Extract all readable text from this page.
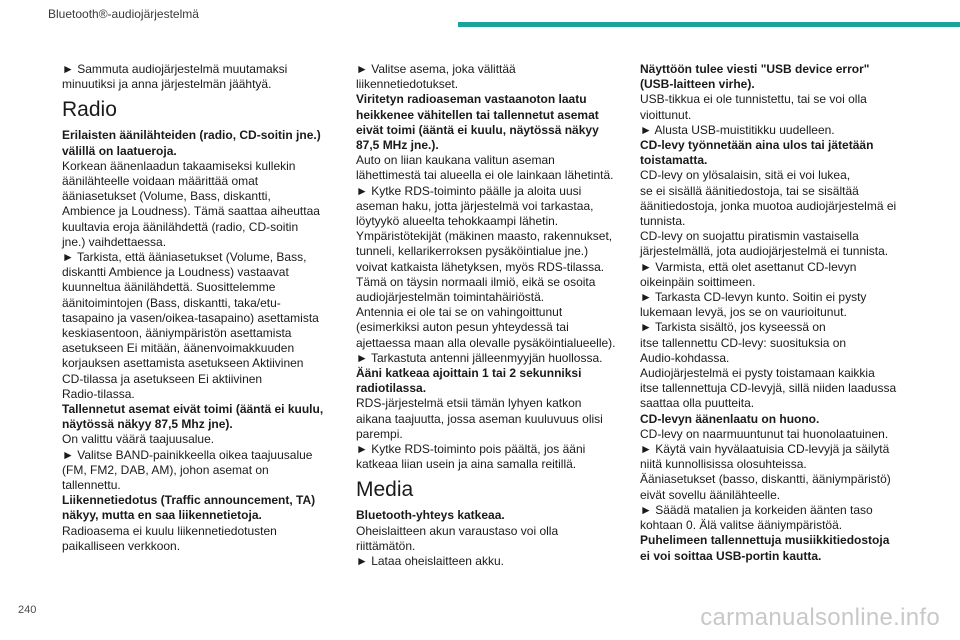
Bluetooth®-audiojärjestelmä

► Sammuta audiojärjestelmä muutamaksi
minuutiksi ja anna järjestelmän jäähtyä.

Radio

Erilaisten äänilähteiden (radio, CD-soitin jne.)
välillä on laatueroja.

Korkean äänenlaadun takaamiseksi kullekin
äänilähteelle voidaan määrittää omat
ääniasetukset (Volume, Bass, diskantti,
Ambience ja Loudness). Tämä saattaa aiheuttaa
kuultavia eroja äänilähdettä (radio, CD-soitin
jne.) vaihdettaessa.
► Tarkista, että ääniasetukset (Volume, Bass,
diskantti Ambience ja Loudness) vastaavat
kuunneltua äänilähdettä. Suosittelemme
äänitoimintojen (Bass, diskantti, taka/etu-
tasapaino ja vasen/oikea-tasapaino) asettamista
keskiasentoon, ääniympäristön asettamista
asetukseen Ei mitään, äänenvoimakkuuden
korjauksen asettamista asetukseen Aktiivinen
CD-tilassa ja asetukseen Ei aktiivinen
Radio-tilassa.

Tallennetut asemat eivät toimi (ääntä ei kuulu,
näytössä näkyy 87,5 Mhz jne).

On valittu väärä taajuusalue.
► Valitse BAND-painikkeella oikea taajuusalue
(FM, FM2, DAB, AM), johon asemat on
tallennettu.

Liikennetiedotus (Traffic announcement, TA)
näkyy, mutta en saa liikennetietoja.

Radioasema ei kuulu liikennetiedotusten
paikalliseen verkkoon.

► Valitse asema, joka välittää
liikennetiedotukset.

Viritetyn radioaseman vastaanoton laatu
heikkenee vähitellen tai tallennetut asemat
eivät toimi (ääntä ei kuulu, näytössä näkyy
87,5 MHz jne.).

Auto on liian kaukana valitun aseman
lähettimestä tai alueella ei ole lainkaan lähetintä.
► Kytke RDS-toiminto päälle ja aloita uusi
aseman haku, jotta järjestelmä voi tarkastaa,
löytyykö alueelta tehokkaampi lähetin.
Ympäristötekijät (mäkinen maasto, rakennukset,
tunneli, kellarikerroksen pysäköintialue jne.)
voivat katkaista lähetyksen, myös RDS-tilassa.
Tämä on täysin normaali ilmiö, eikä se osoita
audiojärjestelmän toimintahäiriöstä.
Antennia ei ole tai se on vahingoittunut
(esimerkiksi auton pesun yhteydessä tai
ajettaessa maan alla olevalle pysäköintialueelle).
► Tarkastuta antenni jälleenmyyjän huollossa.

Ääni katkeaa ajoittain 1 tai 2 sekunniksi
radiotilassa.

RDS-järjestelmä etsii tämän lyhyen katkon
aikana taajuutta, jossa aseman kuuluvuus olisi
parempi.
► Kytke RDS-toiminto pois päältä, jos ääni
katkeaa liian usein ja aina samalla reitillä.

Media

Bluetooth-yhteys katkeaa.

Oheislaitteen akun varaustaso voi olla
riittämätön.
► Lataa oheislaitteen akku.

Näyttöön tulee viesti "USB device error"
(USB-laitteen virhe).

USB-tikkua ei ole tunnistettu, tai se voi olla
vioittunut.
► Alusta USB-muistitikku uudelleen.

CD-levy työnnetään aina ulos tai jätetään
toistamatta.

CD-levy on ylösalaisin, sitä ei voi lukea,
se ei sisällä äänitiedostoja, tai se sisältää
äänitiedostoja, jonka muotoa audiojärjestelmä ei
tunnista.
CD-levy on suojattu piratismin vastaisella
järjestelmällä, jota audiojärjestelmä ei tunnista.
► Varmista, että olet asettanut CD-levyn
oikeinpäin soittimeen.
► Tarkasta CD-levyn kunto. Soitin ei pysty
lukemaan levyä, jos se on vaurioitunut.
► Tarkista sisältö, jos kyseessä on
itse tallennettu CD-levy: suosituksia on
Audio-kohdassa.
Audiojärjestelmä ei pysty toistamaan kaikkia
itse tallennettuja CD-levyjä, sillä niiden laadussa
saattaa olla puutteita.

CD-levyn äänenlaatu on huono.

CD-levy on naarmuuntunut tai huonolaatuinen.
► Käytä vain hyvälaatuisia CD-levyjä ja säilytä
niitä kunnollisissa olosuhteissa.
Ääniasetukset (basso, diskantti, ääniympäristö)
eivät sovellu äänilähteelle.
► Säädä matalien ja korkeiden äänten taso
kohtaan 0. Älä valitse ääniympäristöä.

Puhelimeen tallennettuja musiikkitiedostoja
ei voi soittaa USB-portin kautta.

240	carmanualsonline.info
